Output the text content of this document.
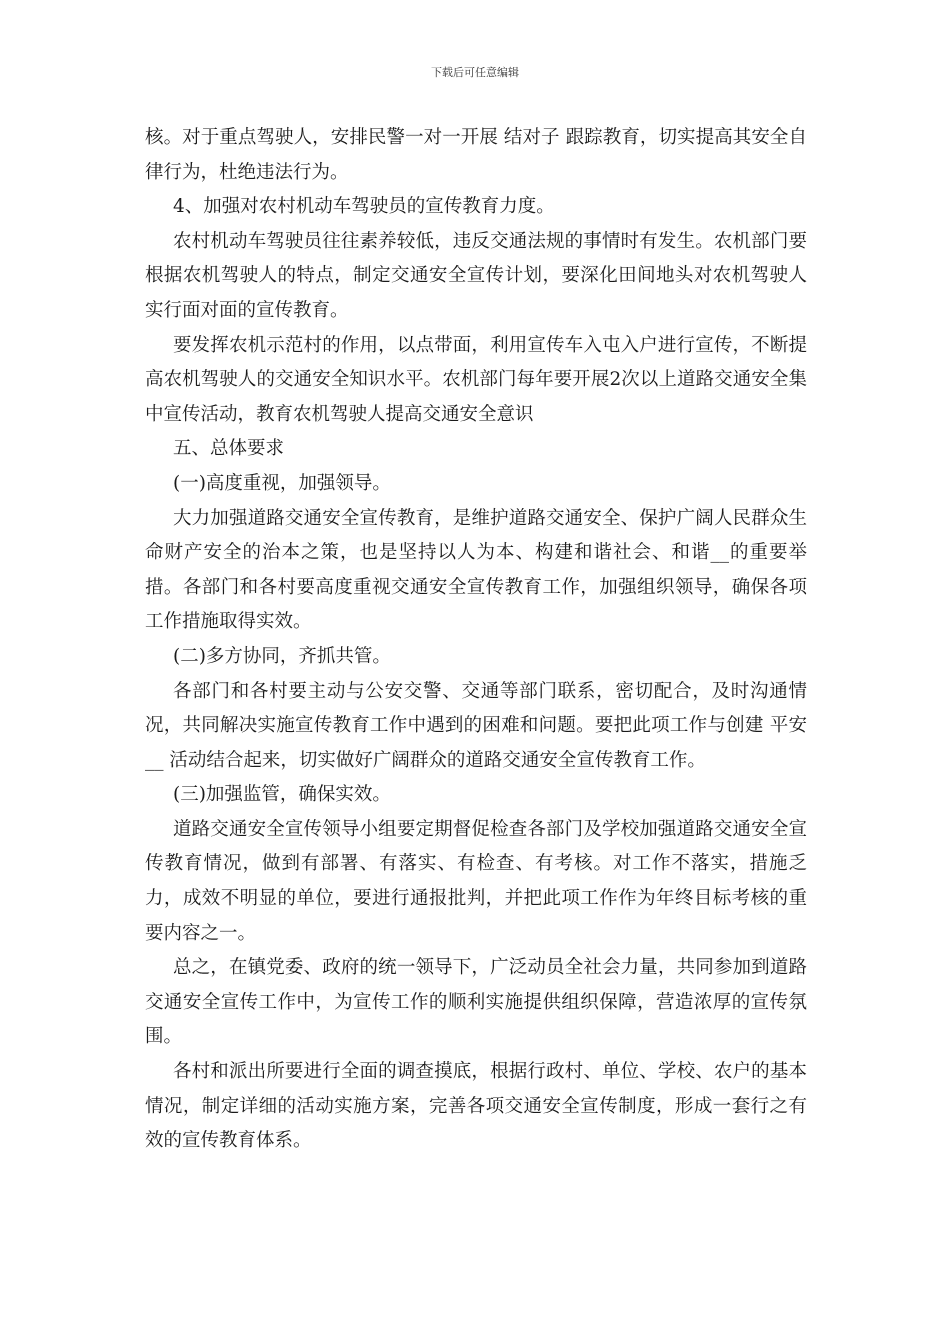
下载后可任意编辑

核。对于重点驾驶人，安排民警一对一开展 结对子 跟踪教育，切实提高其安全自律行为，杜绝违法行为。

4、加强对农村机动车驾驶员的宣传教育力度。

农村机动车驾驶员往往素养较低，违反交通法规的事情时有发生。农机部门要根据农机驾驶人的特点，制定交通安全宣传计划，要深化田间地头对农机驾驶人实行面对面的宣传教育。

要发挥农机示范村的作用，以点带面，利用宣传车入屯入户进行宣传，不断提高农机驾驶人的交通安全知识水平。农机部门每年要开展2次以上道路交通安全集中宣传活动，教育农机驾驶人提高交通安全意识

五、总体要求

(一)高度重视，加强领导。

大力加强道路交通安全宣传教育，是维护道路交通安全、保护广阔人民群众生命财产安全的治本之策，也是坚持以人为本、构建和谐社会、和谐__的重要举措。各部门和各村要高度重视交通安全宣传教育工作，加强组织领导，确保各项工作措施取得实效。

(二)多方协同，齐抓共管。

各部门和各村要主动与公安交警、交通等部门联系，密切配合，及时沟通情况，共同解决实施宣传教育工作中遇到的困难和问题。要把此项工作与创建 平安__ 活动结合起来，切实做好广阔群众的道路交通安全宣传教育工作。

(三)加强监管，确保实效。

道路交通安全宣传领导小组要定期督促检查各部门及学校加强道路交通安全宣传教育情况，做到有部署、有落实、有检查、有考核。对工作不落实，措施乏力，成效不明显的单位，要进行通报批判，并把此项工作作为年终目标考核的重要内容之一。

总之，在镇党委、政府的统一领导下，广泛动员全社会力量，共同参加到道路交通安全宣传工作中，为宣传工作的顺利实施提供组织保障，营造浓厚的宣传氛围。

各村和派出所要进行全面的调查摸底，根据行政村、单位、学校、农户的基本情况，制定详细的活动实施方案，完善各项交通安全宣传制度，形成一套行之有效的宣传教育体系。
